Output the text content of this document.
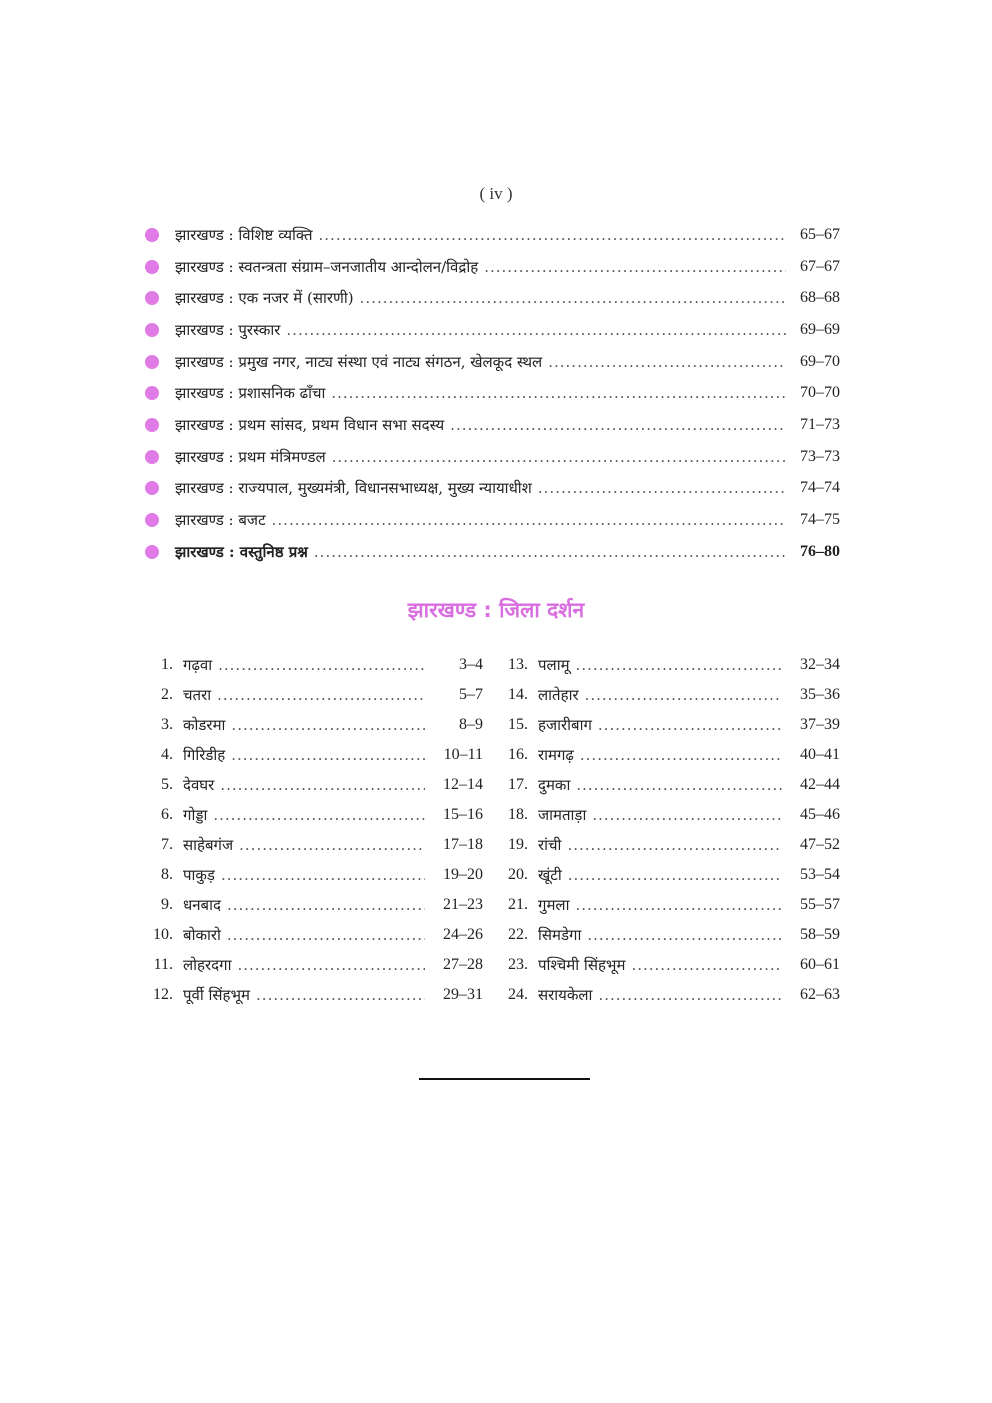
( iv )
झारखण्ड : विशिष्ट व्यक्ति .....	65–67
झारखण्ड : स्वतन्त्रता संग्राम–जनजातीय आन्दोलन/विद्रोह .....	67–67
झारखण्ड : एक नजर में (सारणी) .....	68–68
झारखण्ड : पुरस्कार .....	69–69
झारखण्ड : प्रमुख नगर, नाट्य संस्था एवं नाट्य संगठन, खेलकूद स्थल .....	69–70
झारखण्ड : प्रशासनिक ढाँचा .....	70–70
झारखण्ड : प्रथम सांसद, प्रथम विधान सभा सदस्य .....	71–73
झारखण्ड : प्रथम मंत्रिमण्डल .....	73–73
झारखण्ड : राज्यपाल, मुख्यमंत्री, विधानसभाध्यक्ष, मुख्य न्यायाधीश .....	74–74
झारखण्ड : बजट .....	74–75
झारखण्ड : वस्तुनिष्ठ प्रश्न .....	76–80
झारखण्ड : जिला दर्शन
1. गढ़वा .....	3–4
2. चतरा .....	5–7
3. कोडरमा .....	8–9
4. गिरिडीह .....	10–11
5. देवघर .....	12–14
6. गोड्डा .....	15–16
7. साहेबगंज .....	17–18
8. पाकुड़ .....	19–20
9. धनबाद .....	21–23
10. बोकारो .....	24–26
11. लोहरदगा .....	27–28
12. पूर्वी सिंहभूम .....	29–31
13. पलामू .....	32–34
14. लातेहार .....	35–36
15. हजारीबाग .....	37–39
16. रामगढ़ .....	40–41
17. दुमका .....	42–44
18. जामताड़ा .....	45–46
19. रांची .....	47–52
20. खूंटी .....	53–54
21. गुमला .....	55–57
22. सिमडेगा .....	58–59
23. पश्चिमी सिंहभूम .....	60–61
24. सरायकेला .....	62–63
